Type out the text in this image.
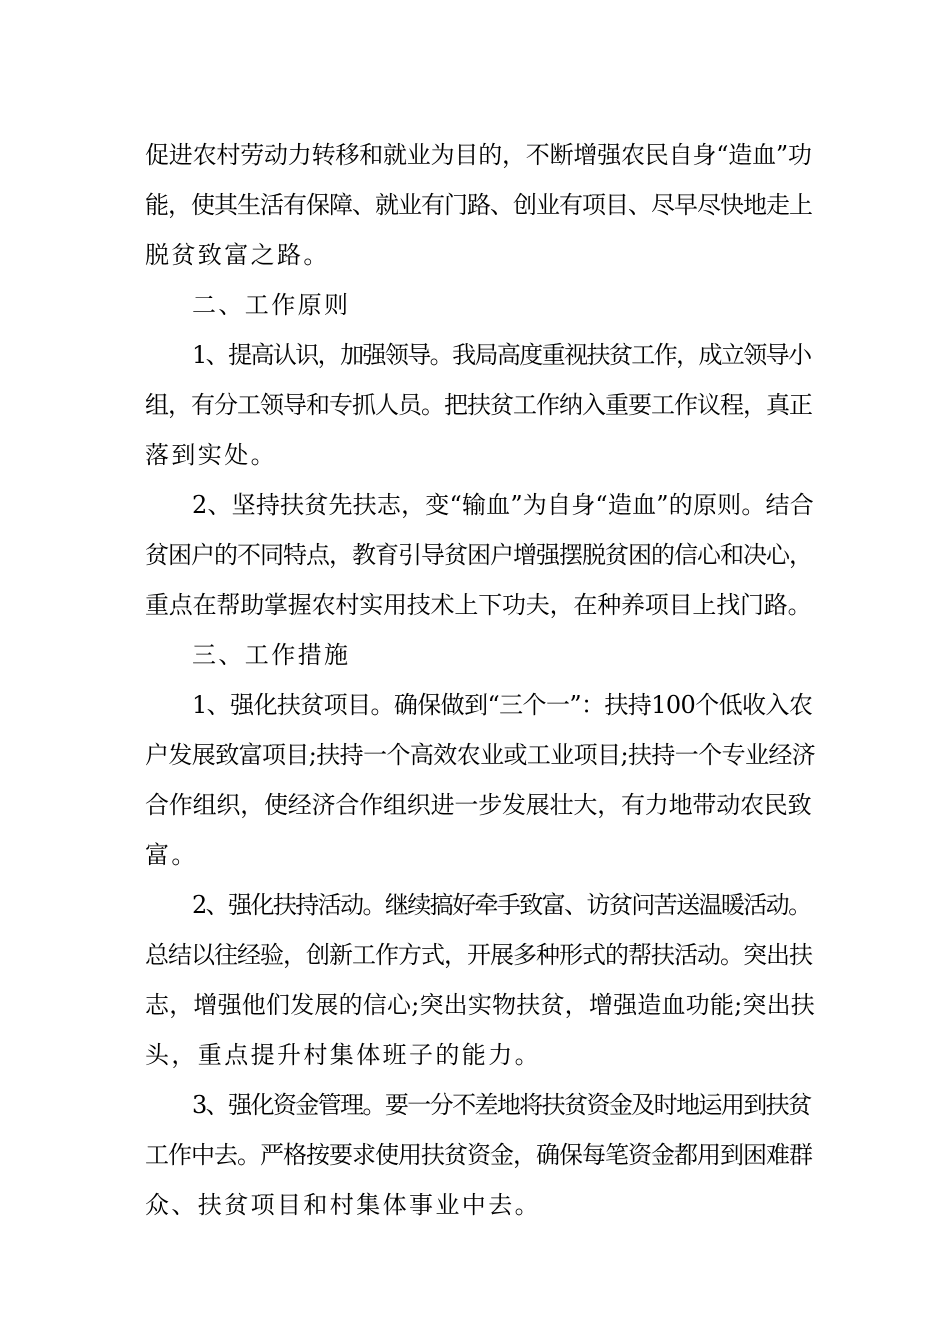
促进农村劳动力转移和就业为目的，不断增强农民自身“造血”功
能，使其生活有保障、就业有门路、创业有项目、尽早尽快地走上
脱贫致富之路。
二、工作原则
1、提高认识，加强领导。我局高度重视扶贫工作，成立领导小
组，有分工领导和专抓人员。把扶贫工作纳入重要工作议程，真正
落到实处。
2、坚持扶贫先扶志，变“输血”为自身“造血”的原则。结合
贫困户的不同特点，教育引导贫困户增强摆脱贫困的信心和决心，
重点在帮助掌握农村实用技术上下功夫，在种养项目上找门路。
三、工作措施
1、强化扶贫项目。确保做到“三个一”：扶持100个低收入农
户发展致富项目;扶持一个高效农业或工业项目;扶持一个专业经济
合作组织，使经济合作组织进一步发展壮大，有力地带动农民致
富。
2、强化扶持活动。继续搞好牵手致富、访贫问苦送温暖活动。
总结以往经验，创新工作方式，开展多种形式的帮扶活动。突出扶
志，增强他们发展的信心;突出实物扶贫，增强造血功能;突出扶
头，重点提升村集体班子的能力。
3、强化资金管理。要一分不差地将扶贫资金及时地运用到扶贫
工作中去。严格按要求使用扶贫资金，确保每笔资金都用到困难群
众、扶贫项目和村集体事业中去。
